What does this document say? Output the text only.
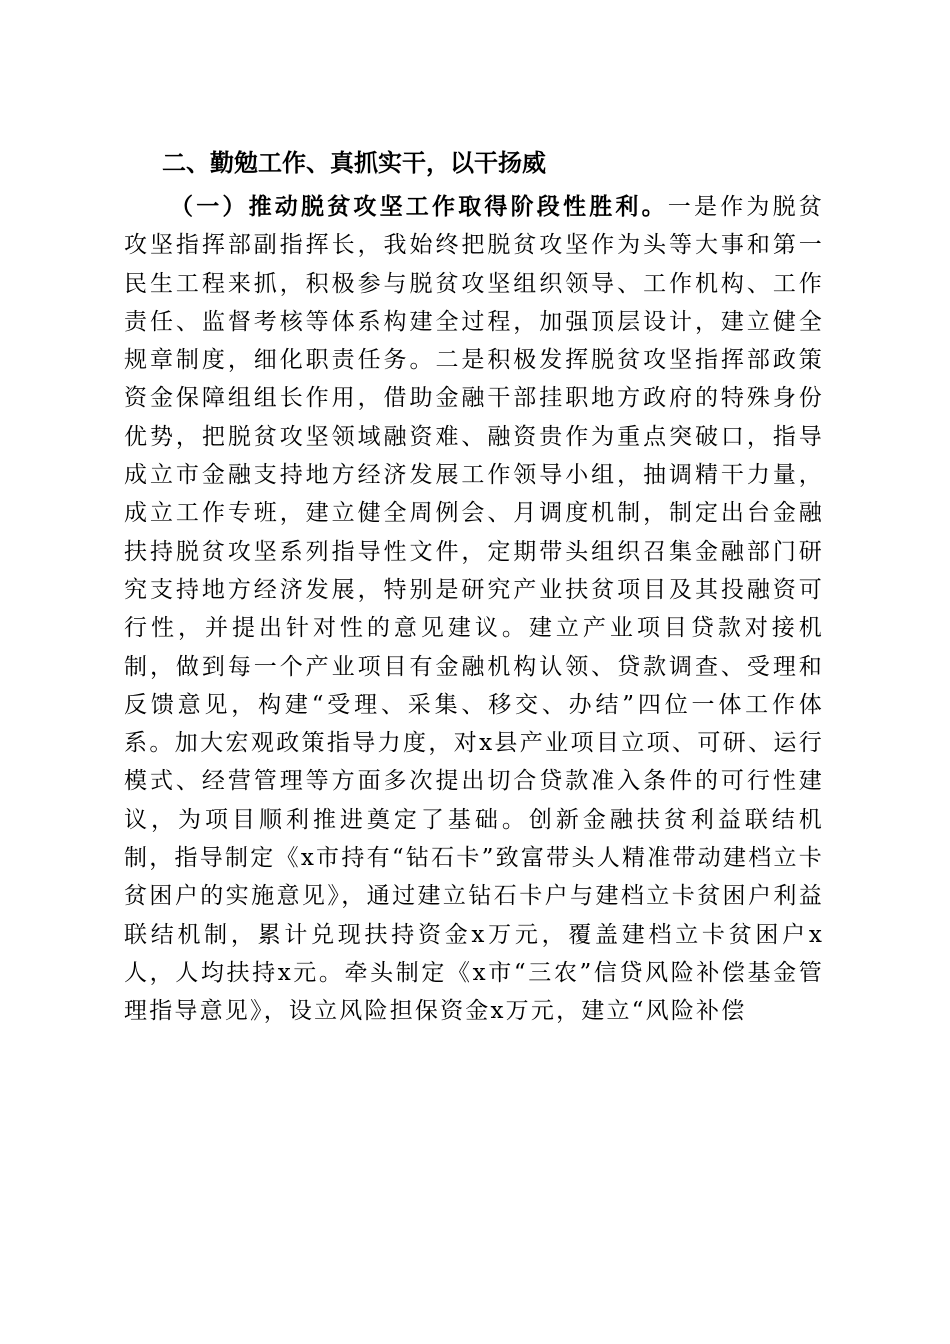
二、勤勉工作、真抓实干，以干扬威

（一）推动脱贫攻坚工作取得阶段性胜利。一是作为脱贫攻坚指挥部副指挥长，我始终把脱贫攻坚作为头等大事和第一民生工程来抓，积极参与脱贫攻坚组织领导、工作机构、工作责任、监督考核等体系构建全过程，加强顶层设计，建立健全规章制度，细化职责任务。二是积极发挥脱贫攻坚指挥部政策资金保障组组长作用，借助金融干部挂职地方政府的特殊身份优势，把脱贫攻坚领域融资难、融资贵作为重点突破口，指导成立市金融支持地方经济发展工作领导小组，抽调精干力量，成立工作专班，建立健全周例会、月调度机制，制定出台金融扶持脱贫攻坚系列指导性文件，定期带头组织召集金融部门研究支持地方经济发展，特别是研究产业扶贫项目及其投融资可行性，并提出针对性的意见建议。建立产业项目贷款对接机制，做到每一个产业项目有金融机构认领、贷款调查、受理和反馈意见，构建“受理、采集、移交、办结”四位一体工作体系。加大宏观政策指导力度，对x县产业项目立项、可研、运行模式、经营管理等方面多次提出切合贷款准入条件的可行性建议，为项目顺利推进奠定了基础。创新金融扶贫利益联结机制，指导制定《x市持有“钻石卡”致富带头人精准带动建档立卡贫困户的实施意见》，通过建立钻石卡户与建档立卡贫困户利益联结机制，累计兑现扶持资金x万元，覆盖建档立卡贫困户x人，人均扶持x元。牵头制定《x市“三农”信贷风险补偿基金管理指导意见》，设立风险担保资金x万元，建立“风险补偿
